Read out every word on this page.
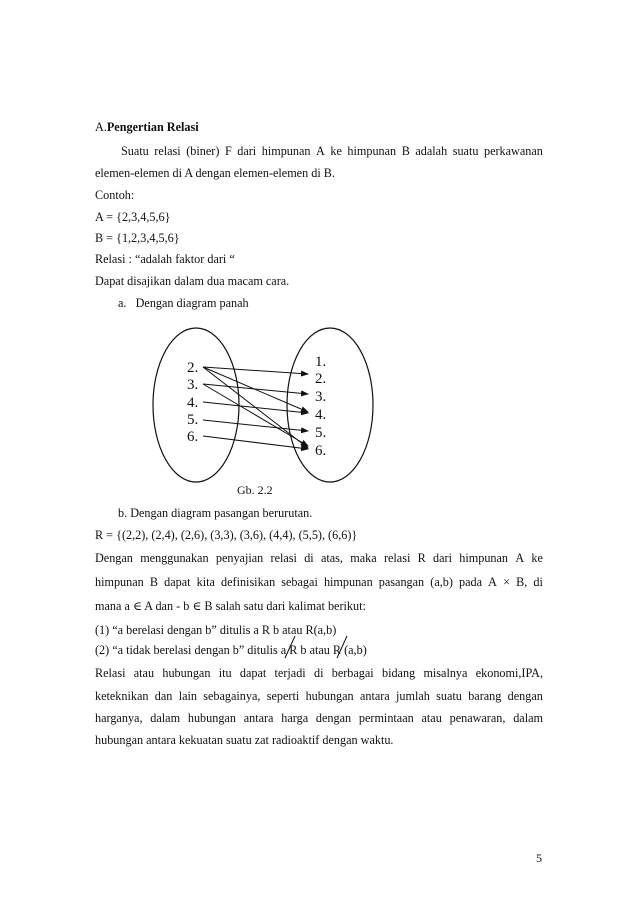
A.Pengertian Relasi
Suatu relasi (biner) F dari himpunan A ke himpunan B adalah suatu perkawanan
elemen-elemen di A dengan elemen-elemen di B.
Contoh:
A = {2,3,4,5,6}
B = {1,2,3,4,5,6}
Relasi : “adalah faktor dari “
Dapat disajikan dalam dua macam cara.
a. Dengan diagram panah
2.
3.
4.
5.
6.
1.
2.
3.
4.
5.
6.
Gb. 2.2
b. Dengan diagram pasangan berurutan.
R = {(2,2), (2,4), (2,6), (3,3), (3,6), (4,4), (5,5), (6,6)}
Dengan menggunakan penyajian relasi di atas, maka relasi R dari himpunan A ke
himpunan B dapat kita definisikan sebagai himpunan pasangan (a,b) pada A × B, di
mana a ∈ A dan - b ∈ B salah satu dari kalimat berikut:
(1) “a berelasi dengan b” ditulis a R b atau R(a,b)
(2) “a tidak berelasi dengan b” ditulis a R b atau R (a,b)
Relasi atau hubungan itu dapat terjadi di berbagai bidang misalnya ekonomi,IPA,
keteknikan dan lain sebagainya, seperti hubungan antara jumlah suatu barang dengan
harganya, dalam hubungan antara harga dengan permintaan atau penawaran, dalam
hubungan antara kekuatan suatu zat radioaktif dengan waktu.
5
